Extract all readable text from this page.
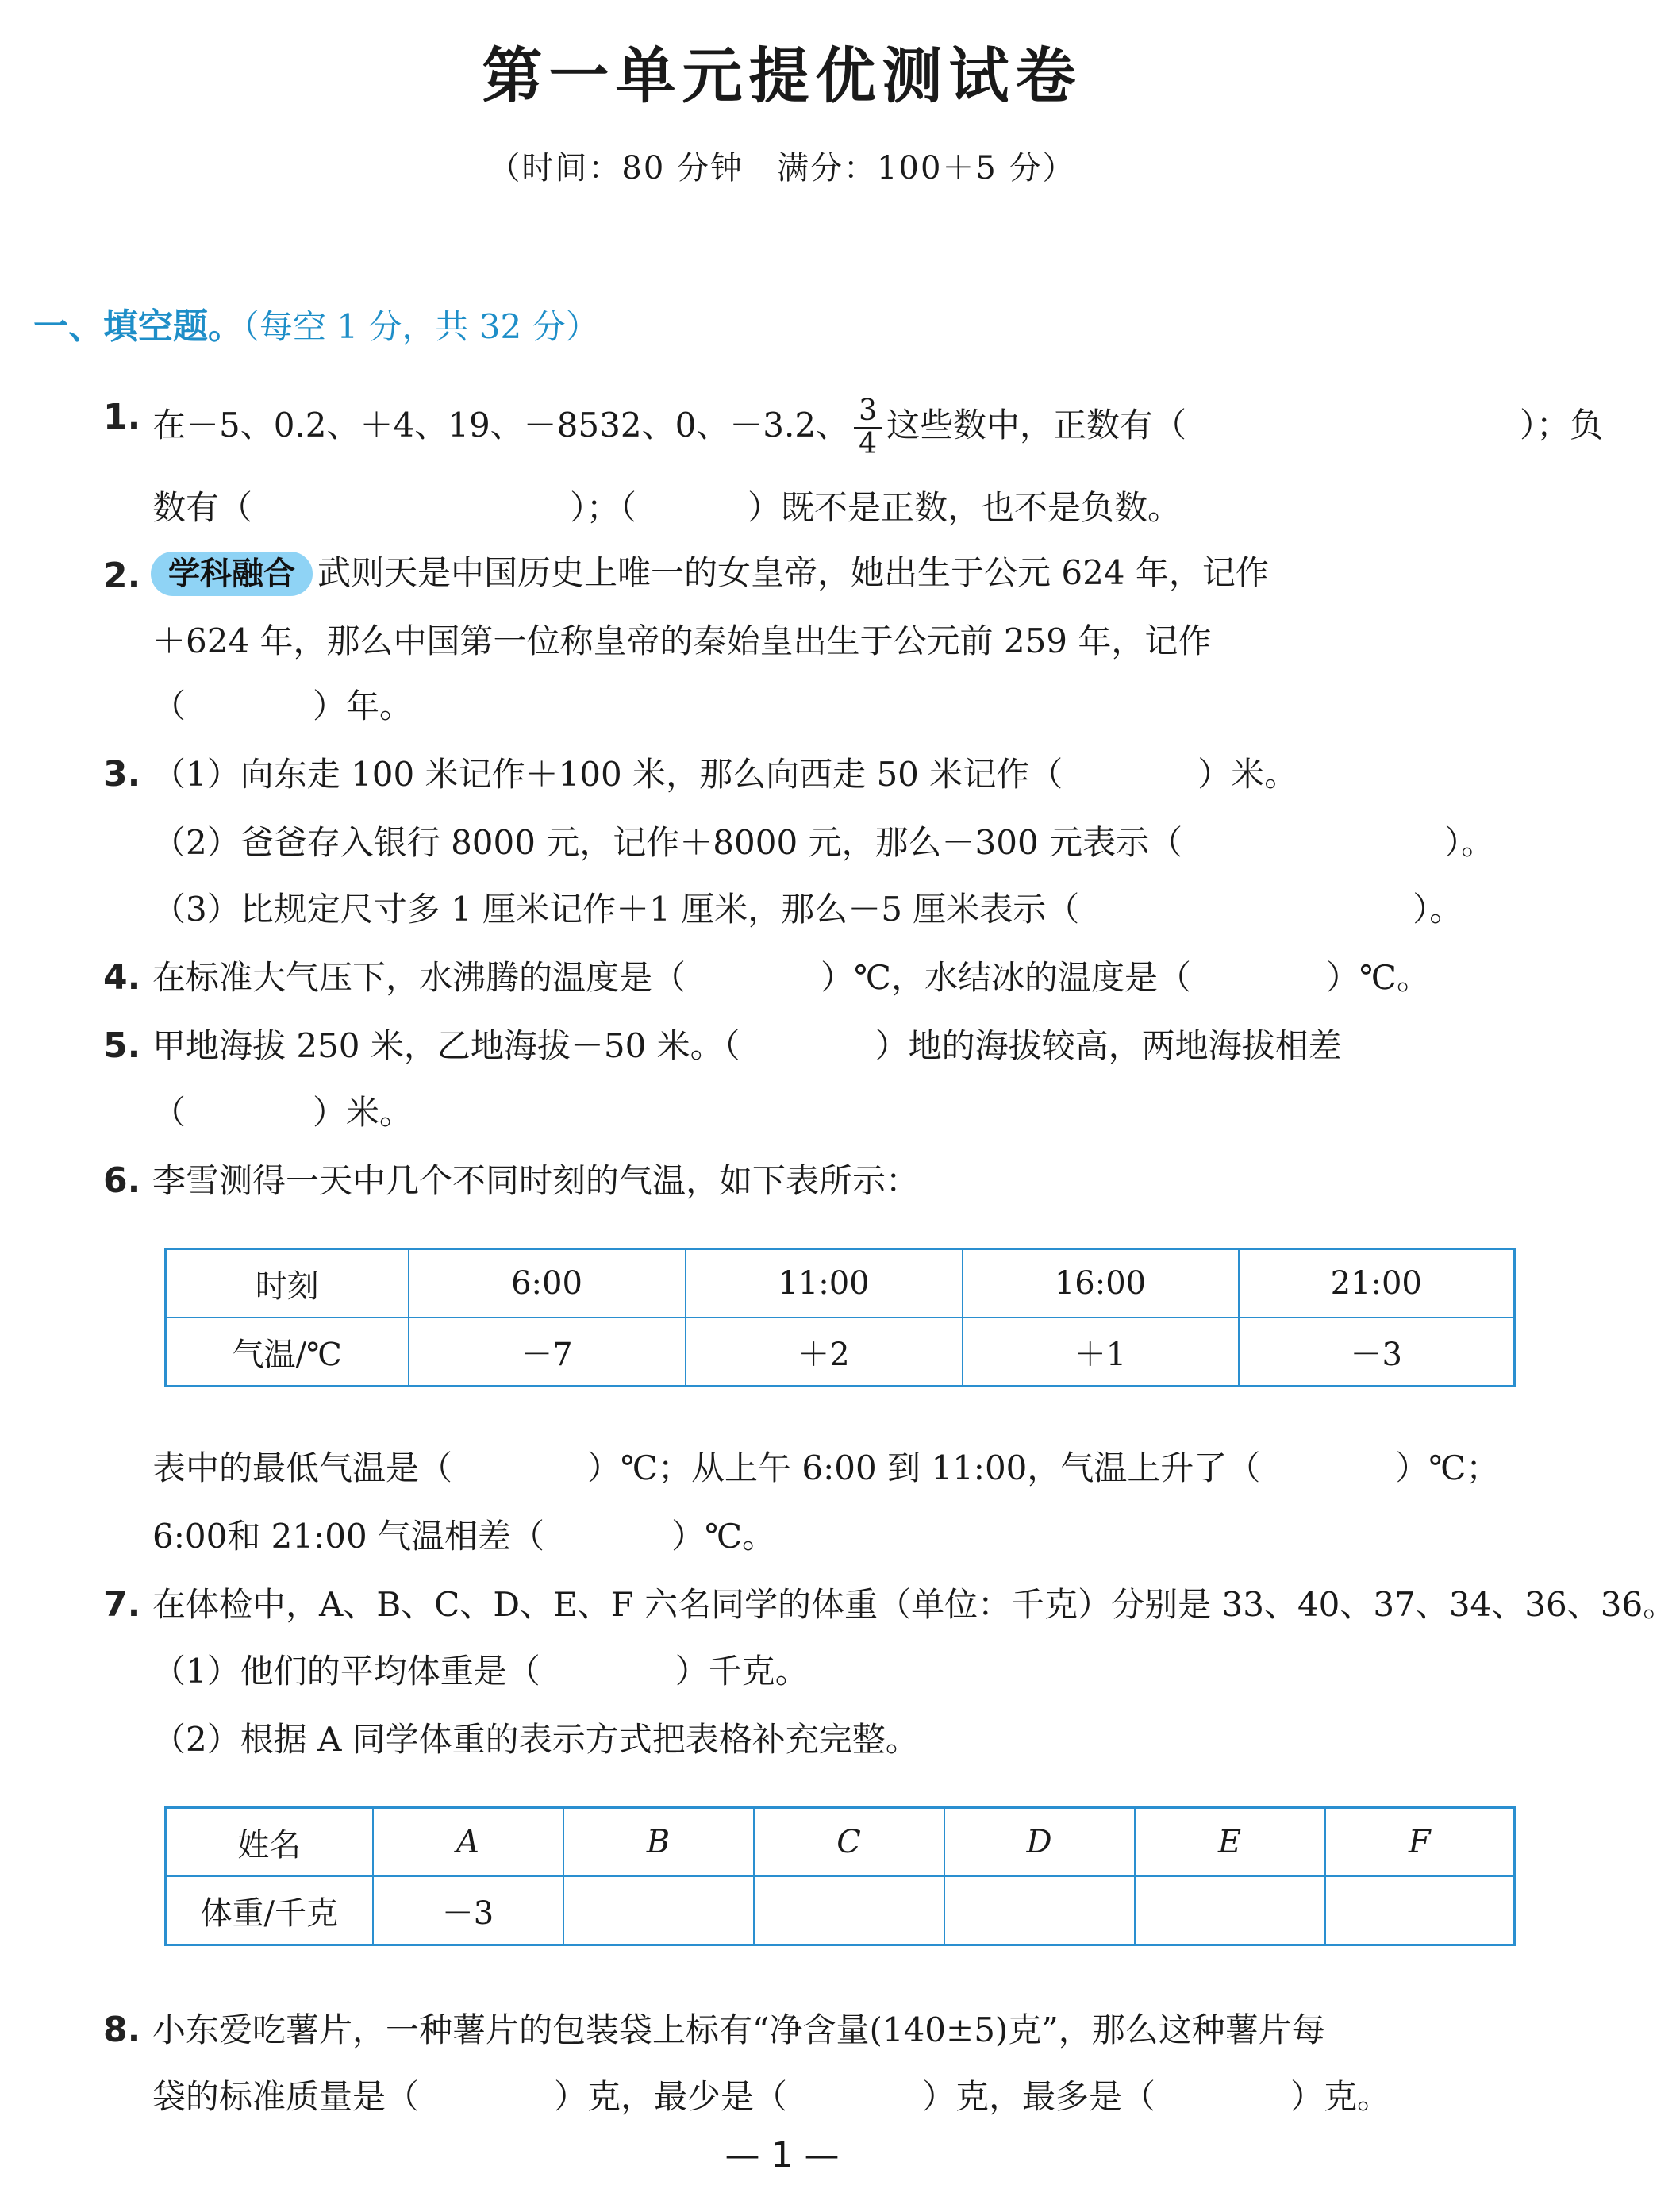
第一单元提优测试卷
（时间：80 分钟　满分：100＋5 分）
一、填空题。（每空 1 分，共 32 分）
1. 在－5、0.2、＋4、19、－8532、0、－3.2、 $\frac{3}{4}$ 这些数中，正数有（	）；负
数有（	）；（	）既不是正数，也不是负数。
2. 学科融合 武则天是中国历史上唯一的女皇帝，她出生于公元 624 年，记作
＋624 年，那么中国第一位称皇帝的秦始皇出生于公元前 259 年，记作
（	）年。
3. （1）向东走 100 米记作＋100 米，那么向西走 50 米记作（	）米。
（2）爸爸存入银行 8000 元，记作＋8000 元，那么－300 元表示（	）。
（3）比规定尺寸多 1 厘米记作＋1 厘米，那么－5 厘米表示（	）。
4. 在标准大气压下，水沸腾的温度是（	）℃，水结冰的温度是（	）℃。
5. 甲地海拔 250 米，乙地海拔－50 米。（	）地的海拔较高，两地海拔相差
（	）米。
6. 李雪测得一天中几个不同时刻的气温，如下表所示：
时刻	6:00	11:00	16:00	21:00
气温/℃	－7	＋2	＋1	－3
表中的最低气温是（	）℃；从上午 6:00 到 11:00，气温上升了（	）℃；
6:00和 21:00 气温相差（	）℃。
7. 在体检中，A、B、C、D、E、F 六名同学的体重（单位：千克）分别是 33、40、37、34、36、36。
（1）他们的平均体重是（	）千克。
（2）根据 A 同学体重的表示方式把表格补充完整。
姓名	A	B	C	D	E	F
体重/千克	－3					
8. 小东爱吃薯片，一种薯片的包装袋上标有“净含量(140±5)克”，那么这种薯片每
袋的标准质量是（	）克，最少是（	）克，最多是（	）克。
— 1 —
